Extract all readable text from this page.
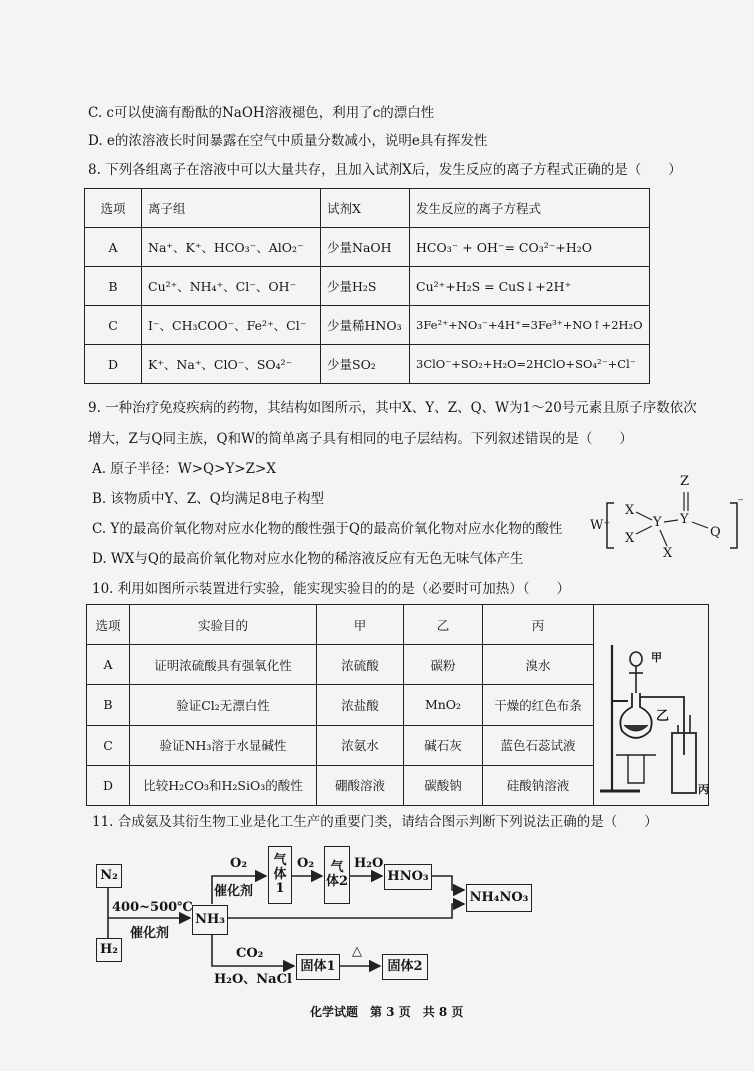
C. c可以使滴有酚酞的NaOH溶液褪色，利用了c的漂白性
D. e的浓溶液长时间暴露在空气中质量分数减小，说明e具有挥发性
8. 下列各组离子在溶液中可以大量共存，且加入试剂X后，发生反应的离子方程式正确的是（　　）
选项	离子组	试剂X	发生反应的离子方程式
A	Na⁺、K⁺、HCO₃⁻、AlO₂⁻	少量NaOH	HCO₃⁻ + OH⁻= CO₃²⁻+H₂O
B	Cu²⁺、NH₄⁺、Cl⁻、OH⁻	少量H₂S	Cu²⁺+H₂S = CuS↓+2H⁺
C	I⁻、CH₃COO⁻、Fe²⁺、Cl⁻	少量稀HNO₃	3Fe²⁺+NO₃⁻+4H⁺=3Fe³⁺+NO↑+2H₂O
D	K⁺、Na⁺、ClO⁻、SO₄²⁻	少量SO₂	3ClO⁻+SO₂+H₂O=2HClO+SO₄²⁻+Cl⁻
9. 一种治疗免疫疾病的药物，其结构如图所示，其中X、Y、Z、Q、W为1～20号元素且原子序数依次
增大，Z与Q同主族，Q和W的简单离子具有相同的电子层结构。下列叙述错误的是（　　）
A. 原子半径：W>Q>Y>Z>X
B. 该物质中Y、Z、Q均满足8电子构型
C. Y的最高价氧化物对应水化物的酸性强于Q的最高价氧化物对应水化物的酸性
D. WX与Q的最高价氧化物对应水化物的稀溶液反应有无色无味气体产生
W⁺
X
X
Y Y
Z
Q
X
⁻
10. 利用如图所示装置进行实验，能实现实验目的的是（必要时可加热）（　　）
选项	实验目的	甲	乙	丙	甲
乙
丙

A	证明浓硫酸具有强氧化性	浓硫酸	碳粉	溴水	
B	验证Cl₂无漂白性	浓盐酸	MnO₂	干燥的红色布条	
C	验证NH₃溶于水显碱性	浓氨水	碱石灰	蓝色石蕊试液	
D	比较H₂CO₃和H₂SiO₃的酸性	硼酸溶液	碳酸钠	硅酸钠溶液	
11. 合成氨及其衍生物工业是化工生产的重要门类，请结合图示判断下列说法正确的是（　　）
N₂
H₂
NH₃
气体1
气体2	HNO₃
NH₄NO₃
固体1	固体2
400~500℃
催化剂
O₂
催化剂
O₂	H₂O
CO₂
H₂O、NaCl
△
化学试题　第 3 页　共 8 页
